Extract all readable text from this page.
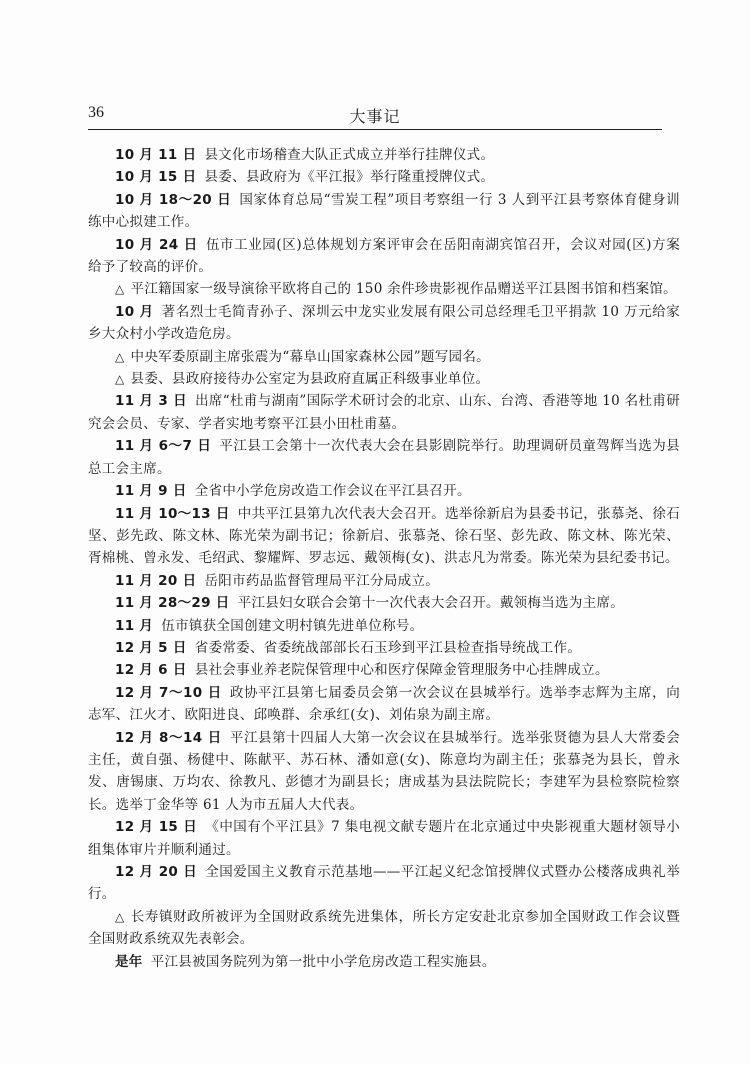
36	大事记

10 月 11 日 县文化市场稽查大队正式成立并举行挂牌仪式。

10 月 15 日 县委、县政府为《平江报》举行隆重授牌仪式。

10 月 18～20 日 国家体育总局“雪炭工程”项目考察组一行 3 人到平江县考察体育健身训练中心拟建工作。

10 月 24 日 伍市工业园(区)总体规划方案评审会在岳阳南湖宾馆召开，会议对园(区)方案给予了较高的评价。

△ 平江籍国家一级导演徐平欧将自己的 150 余件珍贵影视作品赠送平江县图书馆和档案馆。

10 月 著名烈士毛简青孙子、深圳云中龙实业发展有限公司总经理毛卫平捐款 10 万元给家乡大众村小学改造危房。

△ 中央军委原副主席张震为“幕阜山国家森林公园”题写园名。

△ 县委、县政府接待办公室定为县政府直属正科级事业单位。

11 月 3 日 出席“杜甫与湖南”国际学术研讨会的北京、山东、台湾、香港等地 10 名杜甫研究会会员、专家、学者实地考察平江县小田杜甫墓。

11 月 6～7 日 平江县工会第十一次代表大会在县影剧院举行。助理调研员童驾辉当选为县总工会主席。

11 月 9 日 全省中小学危房改造工作会议在平江县召开。

11 月 10～13 日 中共平江县第九次代表大会召开。选举徐新启为县委书记，张慕尧、徐石坚、彭先政、陈文林、陈光荣为副书记；徐新启、张慕尧、徐石坚、彭先政、陈文林、陈光荣、胥棉桃、曾永发、毛绍武、黎耀辉、罗志远、戴领梅(女)、洪志凡为常委。陈光荣为县纪委书记。

11 月 20 日 岳阳市药品监督管理局平江分局成立。

11 月 28～29 日 平江县妇女联合会第十一次代表大会召开。戴领梅当选为主席。

11 月 伍市镇获全国创建文明村镇先进单位称号。

12 月 5 日 省委常委、省委统战部部长石玉珍到平江县检查指导统战工作。

12 月 6 日 县社会事业养老院保管理中心和医疗保障金管理服务中心挂牌成立。

12 月 7～10 日 政协平江县第七届委员会第一次会议在县城举行。选举李志辉为主席，向志军、江火才、欧阳进良、邱唤群、余承红(女)、刘佑泉为副主席。

12 月 8～14 日 平江县第十四届人大第一次会议在县城举行。选举张贤德为县人大常委会主任，黄自强、杨健中、陈献平、苏石林、潘如意(女)、陈意均为副主任；张慕尧为县长，曾永发、唐锡康、万均农、徐教凡、彭德才为副县长；唐成基为县法院院长；李建军为县检察院检察长。选举丁金华等 61 人为市五届人大代表。

12 月 15 日 《中国有个平江县》7 集电视文献专题片在北京通过中央影视重大题材领导小组集体审片并顺利通过。

12 月 20 日 全国爱国主义教育示范基地——平江起义纪念馆授牌仪式暨办公楼落成典礼举行。

△ 长寿镇财政所被评为全国财政系统先进集体，所长方定安赴北京参加全国财政工作会议暨全国财政系统双先表彰会。

是年 平江县被国务院列为第一批中小学危房改造工程实施县。
